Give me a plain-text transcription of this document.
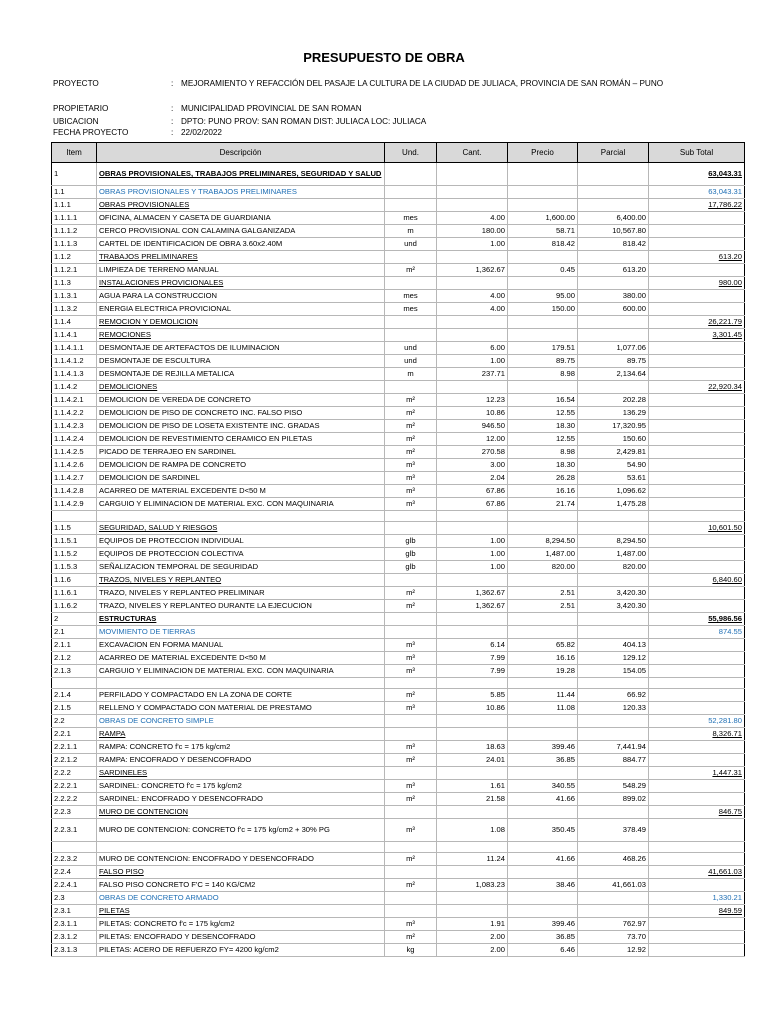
PRESUPUESTO DE OBRA
PROYECTO	: MEJORAMIENTO Y REFACCIÓN DEL PASAJE LA CULTURA DE LA CIUDAD DE JULIACA, PROVINCIA DE SAN ROMÁN – PUNO
PROPIETARIO	: MUNICIPALIDAD PROVINCIAL DE SAN ROMAN
UBICACION	: DPTO: PUNO PROV: SAN ROMAN DIST: JULIACA LOC: JULIACA
FECHA PROYECTO	: 22/02/2022
Item	Descripción	Und.	Cant.	Precio	Parcial	Sub Total
1	OBRAS PROVISIONALES, TRABAJOS PRELIMINARES, SEGURIDAD Y SALUD					63,043.31
1.1	OBRAS PROVISIONALES Y TRABAJOS PRELIMINARES					63,043.31
1.1.1	OBRAS PROVISIONALES					17,786.22
1.1.1.1	OFICINA, ALMACEN Y CASETA DE GUARDIANIA	mes	4.00	1,600.00	6,400.00	
1.1.1.2	CERCO PROVISIONAL CON CALAMINA GALGANIZADA	m	180.00	58.71	10,567.80	
1.1.1.3	CARTEL DE IDENTIFICACION DE OBRA 3.60x2.40M	und	1.00	818.42	818.42	
1.1.2	TRABAJOS PRELIMINARES					613.20
1.1.2.1	LIMPIEZA DE TERRENO MANUAL	m²	1,362.67	0.45	613.20	
1.1.3	INSTALACIONES PROVICIONALES					980.00
1.1.3.1	AGUA PARA LA CONSTRUCCION	mes	4.00	95.00	380.00	
1.1.3.2	ENERGIA ELECTRICA PROVICIONAL	mes	4.00	150.00	600.00	
1.1.4	REMOCION Y DEMOLICION					26,221.79
1.1.4.1	REMOCIONES					3,301.45
1.1.4.1.1	DESMONTAJE DE ARTEFACTOS DE ILUMINACION	und	6.00	179.51	1,077.06	
1.1.4.1.2	DESMONTAJE DE ESCULTURA	und	1.00	89.75	89.75	
1.1.4.1.3	DESMONTAJE DE REJILLA METALICA	m	237.71	8.98	2,134.64	
1.1.4.2	DEMOLICIONES					22,920.34
1.1.4.2.1	DEMOLICION DE VEREDA DE CONCRETO	m²	12.23	16.54	202.28	
1.1.4.2.2	DEMOLICION DE PISO DE CONCRETO INC. FALSO PISO	m²	10.86	12.55	136.29	
1.1.4.2.3	DEMOLICION DE PISO DE LOSETA EXISTENTE INC. GRADAS	m²	946.50	18.30	17,320.95	
1.1.4.2.4	DEMOLICION DE REVESTIMIENTO CERAMICO EN PILETAS	m²	12.00	12.55	150.60	
1.1.4.2.5	PICADO DE TERRAJEO EN SARDINEL	m²	270.58	8.98	2,429.81	
1.1.4.2.6	DEMOLICION DE RAMPA DE CONCRETO	m³	3.00	18.30	54.90	
1.1.4.2.7	DEMOLICION DE SARDINEL	m³	2.04	26.28	53.61	
1.1.4.2.8	ACARREO DE MATERIAL EXCEDENTE D<50 M	m³	67.86	16.16	1,096.62	
1.1.4.2.9	CARGUIO Y ELIMINACION DE MATERIAL EXC. CON MAQUINARIA	m³	67.86	21.74	1,475.28	

1.1.5	SEGURIDAD, SALUD Y RIESGOS					10,601.50
1.1.5.1	EQUIPOS DE PROTECCION INDIVIDUAL	glb	1.00	8,294.50	8,294.50	
1.1.5.2	EQUIPOS DE PROTECCION COLECTIVA	glb	1.00	1,487.00	1,487.00	
1.1.5.3	SEÑALIZACION TEMPORAL DE SEGURIDAD	glb	1.00	820.00	820.00	
1.1.6	TRAZOS, NIVELES Y REPLANTEO					6,840.60
1.1.6.1	TRAZO, NIVELES Y REPLANTEO PRELIMINAR	m²	1,362.67	2.51	3,420.30	
1.1.6.2	TRAZO, NIVELES Y REPLANTEO DURANTE LA EJECUCION	m²	1,362.67	2.51	3,420.30	
2	ESTRUCTURAS					55,986.56
2.1	MOVIMIENTO DE TIERRAS					874.55
2.1.1	EXCAVACION EN FORMA MANUAL	m³	6.14	65.82	404.13	
2.1.2	ACARREO DE MATERIAL EXCEDENTE D<50 M	m³	7.99	16.16	129.12	
2.1.3	CARGUIO Y ELIMINACION DE MATERIAL EXC. CON MAQUINARIA	m³	7.99	19.28	154.05	

2.1.4	PERFILADO Y COMPACTADO EN LA ZONA DE CORTE	m²	5.85	11.44	66.92	
2.1.5	RELLENO Y COMPACTADO CON MATERIAL DE PRESTAMO	m³	10.86	11.08	120.33	
2.2	OBRAS DE CONCRETO SIMPLE					52,281.80
2.2.1	RAMPA					8,326.71
2.2.1.1	RAMPA: CONCRETO f'c = 175 kg/cm2	m³	18.63	399.46	7,441.94	
2.2.1.2	RAMPA: ENCOFRADO Y DESENCOFRADO	m²	24.01	36.85	884.77	
2.2.2	SARDINELES					1,447.31
2.2.2.1	SARDINEL: CONCRETO f'c = 175 kg/cm2	m³	1.61	340.55	548.29	
2.2.2.2	SARDINEL: ENCOFRADO Y DESENCOFRADO	m²	21.58	41.66	899.02	
2.2.3	MURO DE CONTENCION					846.75
2.2.3.1	MURO DE CONTENCION: CONCRETO f'c = 175 kg/cm2 + 30% PG	m³	1.08	350.45	378.49	

2.2.3.2	MURO DE CONTENCION: ENCOFRADO Y DESENCOFRADO	m²	11.24	41.66	468.26	
2.2.4	FALSO PISO					41,661.03
2.2.4.1	FALSO PISO CONCRETO F'C = 140 KG/CM2	m²	1,083.23	38.46	41,661.03	
2.3	OBRAS DE CONCRETO ARMADO					1,330.21
2.3.1	PILETAS					849.59
2.3.1.1	PILETAS: CONCRETO f'c = 175 kg/cm2	m³	1.91	399.46	762.97	
2.3.1.2	PILETAS: ENCOFRADO Y DESENCOFRADO	m²	2.00	36.85	73.70	
2.3.1.3	PILETAS: ACERO DE REFUERZO FY= 4200 kg/cm2	kg	2.00	6.46	12.92	
